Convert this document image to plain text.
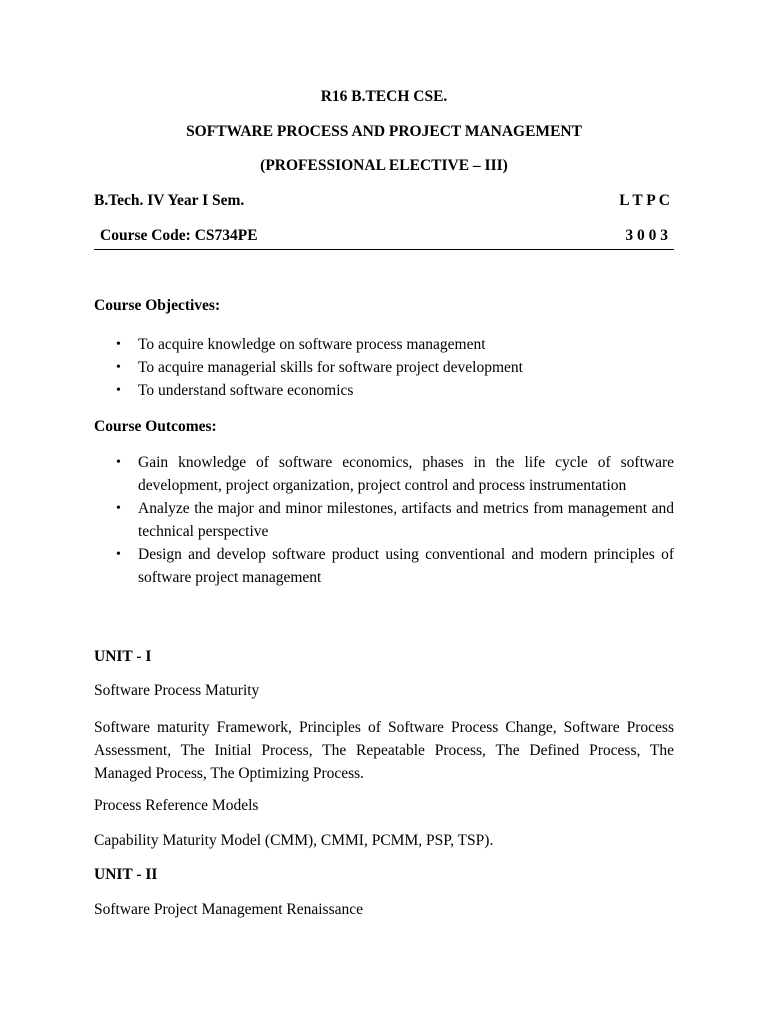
R16 B.TECH CSE.
SOFTWARE PROCESS AND PROJECT MANAGEMENT
(PROFESSIONAL ELECTIVE – III)
B.Tech. IV Year I Sem.	L T P C
Course Code: CS734PE	3 0 0 3
Course Objectives:
• To acquire knowledge on software process management
• To acquire managerial skills for software project development
• To understand software economics
Course Outcomes:
• Gain knowledge of software economics, phases in the life cycle of software development, project organization, project control and process instrumentation
• Analyze the major and minor milestones, artifacts and metrics from management and technical perspective
• Design and develop software product using conventional and modern principles of software project management
UNIT - I
Software Process Maturity

Software maturity Framework, Principles of Software Process Change, Software Process Assessment, The Initial Process, The Repeatable Process, The Defined Process, The Managed Process, The Optimizing Process.

Process Reference Models
Capability Maturity Model (CMM), CMMI, PCMM, PSP, TSP).
UNIT - II
Software Project Management Renaissance
